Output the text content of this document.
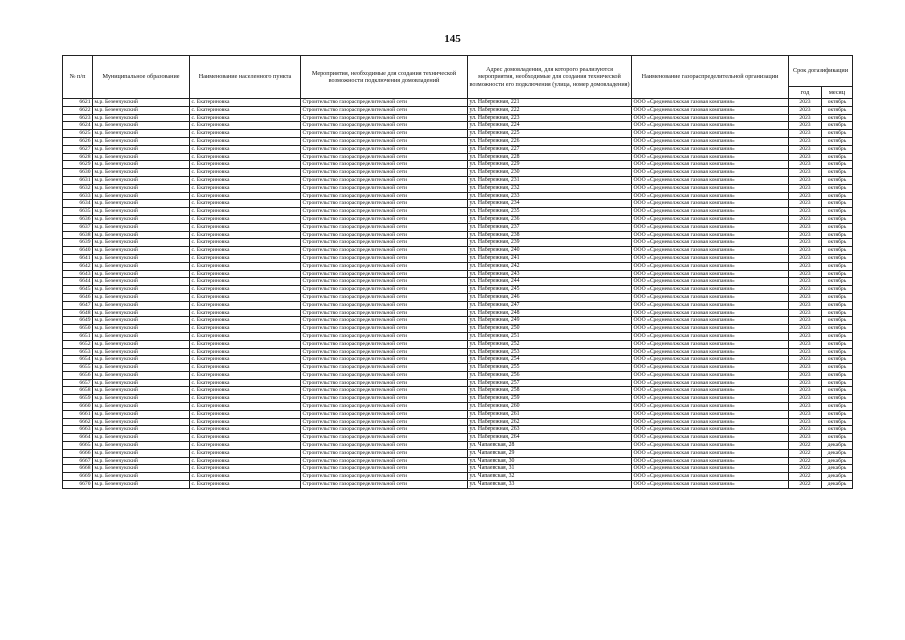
145
№ п/п	Муниципальное образование	Наименование населенного пункта	Мероприятия, необходимые для создания технической возможности подключения домовладений	Адрес домовладения, для которого реализуются мероприятия, необходимые для создания технической возможности его подключения (улица, номер домовладения)	Наименование газораспределительной организации	Срок догазификации	
						год	месяц
6621	м.р. Безенчукский	с. Екатериновка	Строительство газораспределительной сети	ул. Набережная, 221	ООО «Средневолжская газовая компания»	2023	октябрь
6622	м.р. Безенчукский	с. Екатериновка	Строительство газораспределительной сети	ул. Набережная, 222	ООО «Средневолжская газовая компания»	2023	октябрь
6623	м.р. Безенчукский	с. Екатериновка	Строительство газораспределительной сети	ул. Набережная, 223	ООО «Средневолжская газовая компания»	2023	октябрь
6624	м.р. Безенчукский	с. Екатериновка	Строительство газораспределительной сети	ул. Набережная, 224	ООО «Средневолжская газовая компания»	2023	октябрь
6625	м.р. Безенчукский	с. Екатериновка	Строительство газораспределительной сети	ул. Набережная, 225	ООО «Средневолжская газовая компания»	2023	октябрь
6626	м.р. Безенчукский	с. Екатериновка	Строительство газораспределительной сети	ул. Набережная, 226	ООО «Средневолжская газовая компания»	2023	октябрь
6627	м.р. Безенчукский	с. Екатериновка	Строительство газораспределительной сети	ул. Набережная, 227	ООО «Средневолжская газовая компания»	2023	октябрь
6628	м.р. Безенчукский	с. Екатериновка	Строительство газораспределительной сети	ул. Набережная, 228	ООО «Средневолжская газовая компания»	2023	октябрь
6629	м.р. Безенчукский	с. Екатериновка	Строительство газораспределительной сети	ул. Набережная, 229	ООО «Средневолжская газовая компания»	2023	октябрь
6630	м.р. Безенчукский	с. Екатериновка	Строительство газораспределительной сети	ул. Набережная, 230	ООО «Средневолжская газовая компания»	2023	октябрь
6631	м.р. Безенчукский	с. Екатериновка	Строительство газораспределительной сети	ул. Набережная, 231	ООО «Средневолжская газовая компания»	2023	октябрь
6632	м.р. Безенчукский	с. Екатериновка	Строительство газораспределительной сети	ул. Набережная, 232	ООО «Средневолжская газовая компания»	2023	октябрь
6633	м.р. Безенчукский	с. Екатериновка	Строительство газораспределительной сети	ул. Набережная, 233	ООО «Средневолжская газовая компания»	2023	октябрь
6634	м.р. Безенчукский	с. Екатериновка	Строительство газораспределительной сети	ул. Набережная, 234	ООО «Средневолжская газовая компания»	2023	октябрь
6635	м.р. Безенчукский	с. Екатериновка	Строительство газораспределительной сети	ул. Набережная, 235	ООО «Средневолжская газовая компания»	2023	октябрь
6636	м.р. Безенчукский	с. Екатериновка	Строительство газораспределительной сети	ул. Набережная, 236	ООО «Средневолжская газовая компания»	2023	октябрь
6637	м.р. Безенчукский	с. Екатериновка	Строительство газораспределительной сети	ул. Набережная, 237	ООО «Средневолжская газовая компания»	2023	октябрь
6638	м.р. Безенчукский	с. Екатериновка	Строительство газораспределительной сети	ул. Набережная, 238	ООО «Средневолжская газовая компания»	2023	октябрь
6639	м.р. Безенчукский	с. Екатериновка	Строительство газораспределительной сети	ул. Набережная, 239	ООО «Средневолжская газовая компания»	2023	октябрь
6640	м.р. Безенчукский	с. Екатериновка	Строительство газораспределительной сети	ул. Набережная, 240	ООО «Средневолжская газовая компания»	2023	октябрь
6641	м.р. Безенчукский	с. Екатериновка	Строительство газораспределительной сети	ул. Набережная, 241	ООО «Средневолжская газовая компания»	2023	октябрь
6642	м.р. Безенчукский	с. Екатериновка	Строительство газораспределительной сети	ул. Набережная, 242	ООО «Средневолжская газовая компания»	2023	октябрь
6643	м.р. Безенчукский	с. Екатериновка	Строительство газораспределительной сети	ул. Набережная, 243	ООО «Средневолжская газовая компания»	2023	октябрь
6644	м.р. Безенчукский	с. Екатериновка	Строительство газораспределительной сети	ул. Набережная, 244	ООО «Средневолжская газовая компания»	2023	октябрь
6645	м.р. Безенчукский	с. Екатериновка	Строительство газораспределительной сети	ул. Набережная, 245	ООО «Средневолжская газовая компания»	2023	октябрь
6646	м.р. Безенчукский	с. Екатериновка	Строительство газораспределительной сети	ул. Набережная, 246	ООО «Средневолжская газовая компания»	2023	октябрь
6647	м.р. Безенчукский	с. Екатериновка	Строительство газораспределительной сети	ул. Набережная, 247	ООО «Средневолжская газовая компания»	2023	октябрь
6648	м.р. Безенчукский	с. Екатериновка	Строительство газораспределительной сети	ул. Набережная, 248	ООО «Средневолжская газовая компания»	2023	октябрь
6649	м.р. Безенчукский	с. Екатериновка	Строительство газораспределительной сети	ул. Набережная, 249	ООО «Средневолжская газовая компания»	2023	октябрь
6650	м.р. Безенчукский	с. Екатериновка	Строительство газораспределительной сети	ул. Набережная, 250	ООО «Средневолжская газовая компания»	2023	октябрь
6651	м.р. Безенчукский	с. Екатериновка	Строительство газораспределительной сети	ул. Набережная, 251	ООО «Средневолжская газовая компания»	2023	октябрь
6652	м.р. Безенчукский	с. Екатериновка	Строительство газораспределительной сети	ул. Набережная, 252	ООО «Средневолжская газовая компания»	2023	октябрь
6653	м.р. Безенчукский	с. Екатериновка	Строительство газораспределительной сети	ул. Набережная, 253	ООО «Средневолжская газовая компания»	2023	октябрь
6654	м.р. Безенчукский	с. Екатериновка	Строительство газораспределительной сети	ул. Набережная, 254	ООО «Средневолжская газовая компания»	2023	октябрь
6655	м.р. Безенчукский	с. Екатериновка	Строительство газораспределительной сети	ул. Набережная, 255	ООО «Средневолжская газовая компания»	2023	октябрь
6656	м.р. Безенчукский	с. Екатериновка	Строительство газораспределительной сети	ул. Набережная, 256	ООО «Средневолжская газовая компания»	2023	октябрь
6657	м.р. Безенчукский	с. Екатериновка	Строительство газораспределительной сети	ул. Набережная, 257	ООО «Средневолжская газовая компания»	2023	октябрь
6658	м.р. Безенчукский	с. Екатериновка	Строительство газораспределительной сети	ул. Набережная, 258	ООО «Средневолжская газовая компания»	2023	октябрь
6659	м.р. Безенчукский	с. Екатериновка	Строительство газораспределительной сети	ул. Набережная, 259	ООО «Средневолжская газовая компания»	2023	октябрь
6660	м.р. Безенчукский	с. Екатериновка	Строительство газораспределительной сети	ул. Набережная, 260	ООО «Средневолжская газовая компания»	2023	октябрь
6661	м.р. Безенчукский	с. Екатериновка	Строительство газораспределительной сети	ул. Набережная, 261	ООО «Средневолжская газовая компания»	2023	октябрь
6662	м.р. Безенчукский	с. Екатериновка	Строительство газораспределительной сети	ул. Набережная, 262	ООО «Средневолжская газовая компания»	2023	октябрь
6663	м.р. Безенчукский	с. Екатериновка	Строительство газораспределительной сети	ул. Набережная, 263	ООО «Средневолжская газовая компания»	2023	октябрь
6664	м.р. Безенчукский	с. Екатериновка	Строительство газораспределительной сети	ул. Набережная, 264	ООО «Средневолжская газовая компания»	2023	октябрь
6665	м.р. Безенчукский	с. Екатериновка	Строительство газораспределительной сети	ул. Чапаевская, 28	ООО «Средневолжская газовая компания»	2022	декабрь
6666	м.р. Безенчукский	с. Екатериновка	Строительство газораспределительной сети	ул. Чапаевская, 29	ООО «Средневолжская газовая компания»	2022	декабрь
6667	м.р. Безенчукский	с. Екатериновка	Строительство газораспределительной сети	ул. Чапаевская, 30	ООО «Средневолжская газовая компания»	2022	декабрь
6668	м.р. Безенчукский	с. Екатериновка	Строительство газораспределительной сети	ул. Чапаевская, 31	ООО «Средневолжская газовая компания»	2022	декабрь
6669	м.р. Безенчукский	с. Екатериновка	Строительство газораспределительной сети	ул. Чапаевская, 32	ООО «Средневолжская газовая компания»	2022	декабрь
6670	м.р. Безенчукский	с. Екатериновка	Строительство газораспределительной сети	ул. Чапаевская, 33	ООО «Средневолжская газовая компания»	2022	декабрь
